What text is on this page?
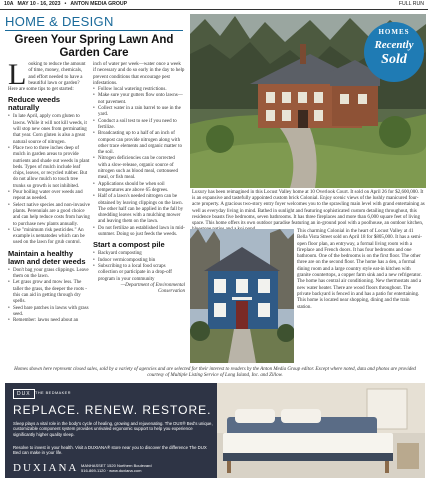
10A MAY 10 - 16, 2023 • ANTON MEDIA GROUP	FULL RUN
HOME & DESIGN
Green Your Spring Lawn And Garden Care
L ooking to reduce the amount of time, money, chemicals, and effort needed to have a beautiful lawn or garden? Here are some tips to get started:

Reduce weeds naturally

• In late April, apply corn gluten to lawns. While it will not kill weeds, it will stop new ones from germinating that year. Corn gluten is also a great natural source of nitrogen.

• Place two to three inches deep of mulch in garden areas to provide nutrients and shade out weeds in plant beds. Types of mulch include leaf chips, leaves, or recycled rubber. But do not allow mulch to touch tree trunks so growth is not inhibited.

• Pour boiling water over weeds and repeat as needed.

• Select native species and non-invasive plants. Perennials are a good choice and can help reduce costs from having to purchase new plants annually.

• Use "minimum risk pesticides." An example is nematodes which can be used on the lawn for grub control.

Maintain a healthy lawn and deter weeds

• Don't bag your grass clippings. Leave them on the lawn.

• Let grass grow and mow less. The taller the grass, the deeper the roots - this can aid in getting through dry spells.

• Seed bare patches in lawns with grass seed.

• Remember: lawns need about an

inch of water per week—water once a week if necessary and do so early in the day to help prevent conditions that encourage pest infestations.

• Follow local watering restrictions.

• Make sure your gutters flow onto lawns—not pavement.

• Collect water in a rain barrel to use in the yard.

• Conduct a soil test to see if you need to fertilize.

• Broadcasting up to a half of an inch of compost can provide nitrogen along with other trace elements and organic matter to the soil.

• Nitrogen deficiencies can be corrected with a slow-release, organic source of nitrogen such as blood meal, cottonseed meal, or fish meal.

• Applications should be when soil temperatures are above 65 degrees.

• Half of a lawn's needed nitrogen can be obtained by leaving clippings on the lawn. The other half can be applied in the fall by shredding leaves with a mulching mower and leaving them on the lawn.

• Do not fertilize an established lawn in mid-summer. Doing so just feeds the weeds.

Start a compost pile

• Backyard composting

• Indoor vermicomposting bin

• Subscribing to a local food scraps collection or participate in a drop-off program in your community

—Department of Environmental

Conservation

HOMES
Recently
Sold
Luxury has been reimagined in this Locust Valley home at 10 Overlook Court. It sold on April 26 for $2,600,000. It is an expansive and tastefully appointed custom brick Colonial. Enjoy scenic views of the lushly manicured four-acre property. A gracious two-story entry foyer welcomes you to the sprawling main level with grand entertaining as well as everyday living in mind. Bathed in sunlight and featuring sophisticated custom detailing throughout, this residence boasts five bedrooms, seven bathrooms. It has three fireplaces and more than 6,000 square feet of living space. This home offers its own outdoor paradise featuring an in-ground pool with a poolhouse, an outdoor kitchen,
This charming Colonial in the heart of Locust Valley at 41 Bella Vista Street sold on April 18 for $805,000. It has a semi-open floor plan, an entryway, a formal living room with a fireplace and French doors. It has four bedrooms and one bathroom. One of the bedrooms is on the first floor. The other three are on the second floor. The home has a den, a formal dining room and a large country style eat-in kitchen with granite countertops, a copper farm sink and a new refrigerator. The home has central air conditioning. New thermostats and a new water heater. There are wood floors throughout. The private backyard is fenced in and has a patio for entertaining. This home is located near shopping, dining and the train station.
Homes shown here represent closed sales, sold by a variety of agencies and are selected for their interest to readers by the Anton Media Group editor. Except where noted, data and photos are provided courtesy of Multiple Listing Service of Long Island, Inc. and Zillow.
DUX	THE BEDMAKER
REPLACE. RENEW. RESTORE.
Sleep plays a vital role in the body's cycle of healing, growing and rejuvenating. The DUX® Bed's unique, customizable component system provides unrivaled ergonomic support to help you experience significantly higher quality sleep.
Resolve to invest in your health. Visit a DUXIANA® store near you to discover the difference The DUX Bed can make in your life.
DUXIANA MANHASSET 1520 Northern Boulevard
516-869-1120 · www.duxiana.com
